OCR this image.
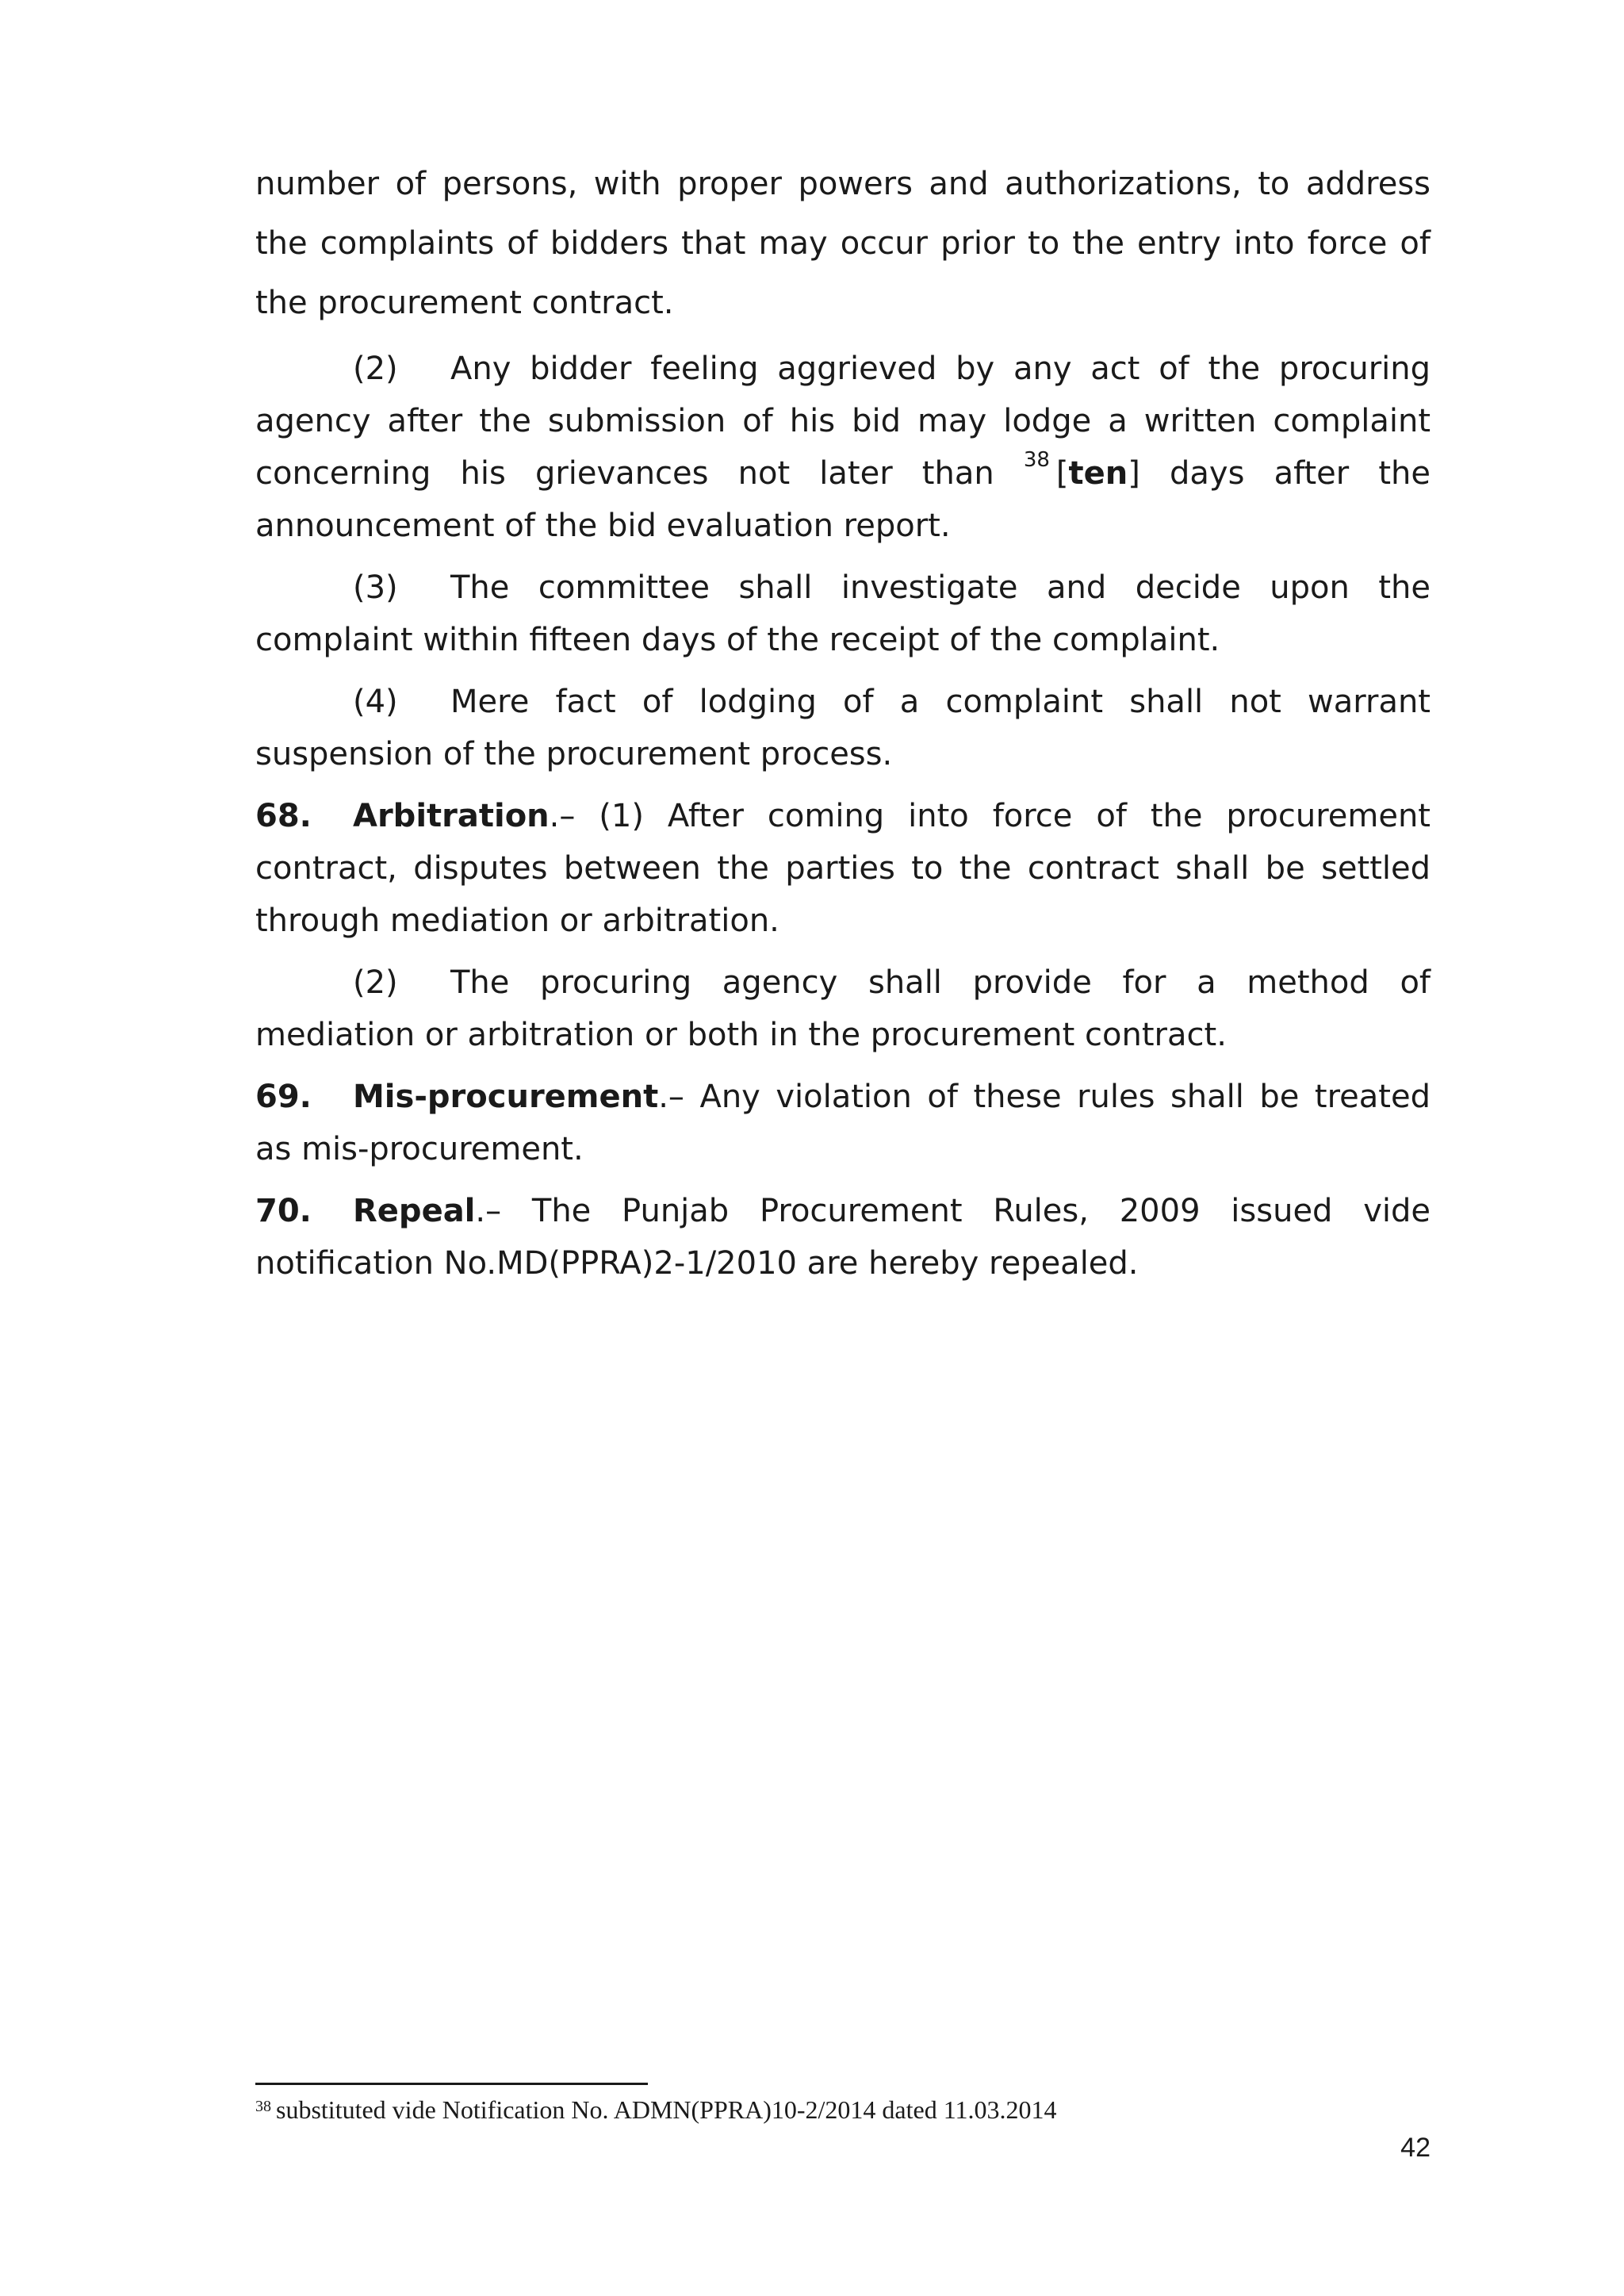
number of persons, with proper powers and authorizations, to address the complaints of bidders that may occur prior to the entry into force of the procurement contract.

(2) Any bidder feeling aggrieved by any act of the procuring agency after the submission of his bid may lodge a written complaint concerning his grievances not later than $^{38}$ [ten] days after the announcement of the bid evaluation report.

(3) The committee shall investigate and decide upon the complaint within fifteen days of the receipt of the complaint.

(4) Mere fact of lodging of a complaint shall not warrant suspension of the procurement process.

68. Arbitration.– (1) After coming into force of the procurement contract, disputes between the parties to the contract shall be settled through mediation or arbitration.

(2) The procuring agency shall provide for a method of mediation or arbitration or both in the procurement contract.

69. Mis-procurement.– Any violation of these rules shall be treated as mis-procurement.

70. Repeal.– The Punjab Procurement Rules, 2009 issued vide notification No.MD(PPRA)2-1/2010 are hereby repealed.

$^{38}$ substituted vide Notification No. ADMN(PPRA)10-2/2014 dated 11.03.2014
42
